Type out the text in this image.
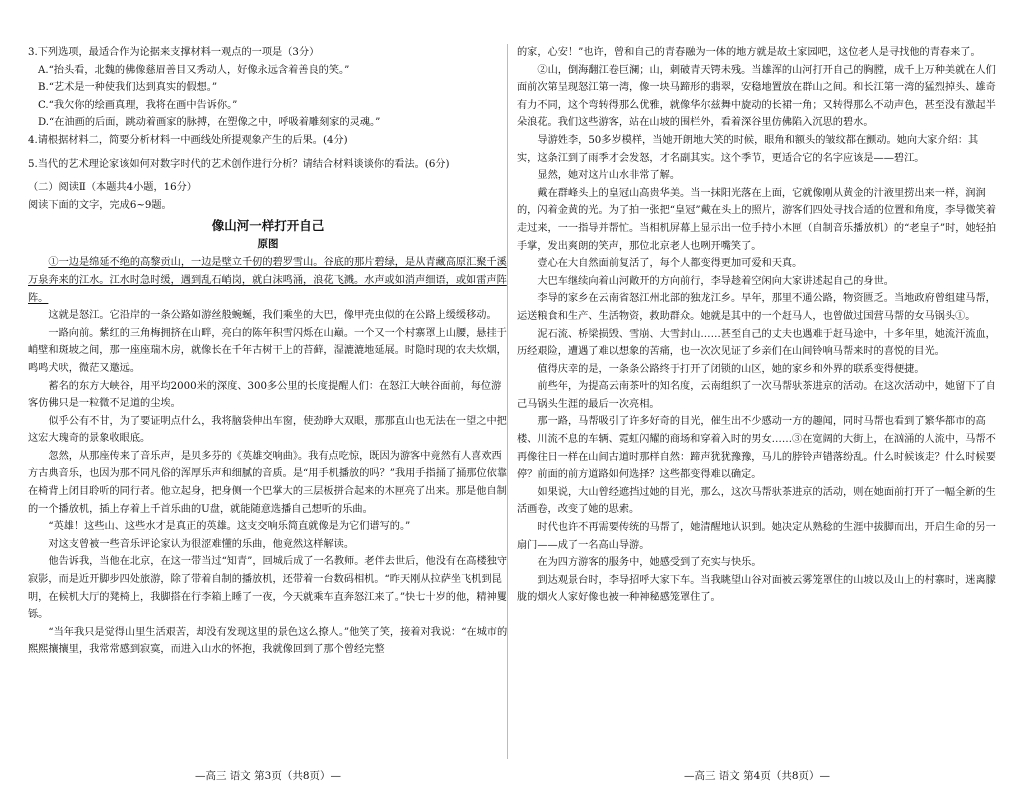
3.下列选项，最适合作为论据来支撑材料一观点的一项是（3分）

A.“抬头看，北魏的佛像慈眉善目又秀动人，好像永远含着善良的笑。”

B.“艺术是一种使我们达到真实的假想。”

C.“我欠你的绘画真理，我将在画中告诉你。”

D.“在油画的后面，跳动着画家的脉搏，在塑像之中，呼吸着雕刻家的灵魂。”

4.请根据材料二，简要分析材料一中画线处所提观象产生的后果。(4分)

5.当代的艺术理论家该如何对数字时代的艺术创作进行分析？请结合材料谈谈你的看法。(6分)

（二）阅读Ⅱ（本题共4小题，16分）

阅读下面的文字，完成6~9题。

像山河一样打开自己

原图

①一边是绵延不绝的高黎贡山，一边是壁立千仞的碧罗雪山。谷底的那片碧绿，是从青藏高原汇聚千溪万泉奔来的江水。江水时急时缓，遇到乱石峭岗，就白沫鸣涌，浪花飞溅。水声或如消声细语，或如雷声阵阵。

这就是怒江。它沿岸的一条公路如游丝般蜿蜒，我们乘坐的大巴，像甲壳虫似的在公路上缓缓移动。

一路向前。紫红的三角梅拥挤在山畔，亮白的陈年积雪闪烁在山巅。一个又一个村寨罩上山腰，悬挂于峭壁和斑坡之间，那一座座瑞木房，就像长在千年古树干上的苔藓，湿漉漉地延展。时隐时现的农夫炊烟，鸣鸣犬吠，微茫又邀远。

蓄名的东方大峡谷，用平均2000米的深度、300多公里的长度提醒人们：在怒江大峡谷面前，每位游客仿佛只是一粒微不足道的尘埃。

似乎公有不甘，为了要证明点什么，我将脑袋伸出车窗，使劲睁大双眼，那那直山也无法在一望之中把这宏大瑰奇的景象收眼底。

忽然，从那座传来了音乐声，是贝多芬的《英雄交响曲》。我有点吃惊，既因为游客中竟然有人喜欢西方古典音乐，也因为那不同凡俗的浑厚乐声和细腻的音质。是“用手机播放的吗？”我用手指捅了捅那位依靠在椅背上闭目聆听的同行者。他立起身，把身侧一个巴掌大的三层板拼合起来的木匣亮了出来。那是他自制的一个播放机，插上存着上千首乐曲的U盘，就能随意选播自己想听的乐曲。

“英雄！这些山、这些水才是真正的英雄。这支交响乐简直就像是为它们谱写的。”

对这支曾被一些音乐评论家认为很涩难懂的乐曲，他竟然这样解读。

他告诉我，当他在北京，在这一带当过“知青”，回城后成了一名教师。老伴去世后，他没有在高楼独守寂影，而是近开脚步四处旅游，除了带着自制的播放机，还带着一台数码相机。“昨天刚从拉萨坐飞机到昆明，在候机大厅的凳椅上，我脚搭在行李箱上睡了一夜，今天就乘车直奔怒江来了。”快七十岁的他，精神矍铄。

“当年我只是觉得山里生活艰苦，却没有发现这里的景色这么撩人。”他笑了笑，接着对我说：“在城市的熙熙攘攘里，我常常感到寂寞，而进入山水的怀抱，我就像回到了那个曾经完整

的家，心安！”也许，曾和自己的青春融为一体的地方就是故土家园吧，这位老人是寻找他的青春来了。

②山，倒海翻江卷巨澜；山，刺破青天锷未残。当雄浑的山河打开自己的胸膛，成千上万种美就在人们面前次第呈现怒江第一湾，像一块马蹄形的翡翠，安稳地置放在群山之间。和长江第一湾的猛烈掉头、雄奇有力不同，这个弯转得那么优雅，就像华尔兹舞中旋动的长裙一角；又转得那么不动声色，甚至没有激起半朵浪花。我们这些游客，站在山坡的围栏外，看着深谷里仿佛陷入沉思的碧水。

导游姓李，50多岁模样，当她开朗地大笑的时候，眼角和额头的皱纹都在颤动。她向大家介绍：其实，这条江到了雨季才会发怒，才名副其实。这个季节，更适合它的名字应该是——碧江。

显然，她对这片山水非常了解。

戴在群峰头上的皇冠山高贵华美。当一抹阳光落在上面，它就像刚从黄金的汁液里捞出来一样，润润的，闪着金黄的光。为了拍一张把“皇冠”戴在头上的照片，游客们四处寻找合适的位置和角度，李导微笑着走过来，一一指导并帮忙。当相机屏幕上显示出一位手持小木匣（自制音乐播放机）的“老皇子”时，她轻拍手掌，发出爽朗的笑声，那位北京老人也咧开嘴笑了。

壹心在大自然面前复活了，每个人都变得更加可爱和天真。

大巴车继续向着山河敞开的方向前行，李导趁着空闲向大家讲述起自己的身世。

李导的家乡在云南省怒江州北部的独龙江乡。早年，那里不通公路，物资匮乏。当地政府曾组建马帮，运送粮食和生产、生活物资，救助群众。她就是其中的一个赶马人，也曾做过国营马帮的女马锅头①。

泥石流、桥梁损毁、雪崩、大雪封山……甚至自己的丈夫也遇难于赶马途中，十多年里，她流汗流血，历经艰险，遭遇了难以想象的苦痛，也一次次见证了乡亲们在山间铃响马帮来时的喜悦的目光。

值得庆幸的是，一条条公路终于打开了闭锁的山区，她的家乡和外界的联系变得便捷。

前些年，为提高云南茶叶的知名度，云南组织了一次马帮驮茶进京的活动。在这次活动中，她留下了自己马锅头生涯的最后一次亮相。

那一路，马帮吸引了许多好奇的目光，催生出不少感动一方的趣闻，同时马帮也看到了繁华都市的高楼、川流不息的车辆、霓虹闪耀的商场和穿着入时的男女……③在宽阔的大街上，在汹涌的人流中，马帮不再像往日一样在山间古道时那样自然：蹄声犹犹豫豫，马儿的脖铃声错落纷乱。什么时候该走？什么时候要停？前面的前方道路如何选择？这些都变得难以确定。

如果说，大山曾经遮挡过她的目光，那么，这次马帮驮茶进京的活动，则在她面前打开了一幅全新的生活画卷，改变了她的思索。

时代也许不再需要传统的马帮了，她清醒地认识到。她决定从熟稔的生涯中拔脚而出，开启生命的另一扇门——成了一名高山导游。

在为四方游客的服务中，她感受到了充实与快乐。

到达观景台时，李导招呼大家下车。当我眺望山谷对面被云雾笼罩住的山坡以及山上的村寨时，迷离朦胧的烟火人家好像也被一种神秘感笼罩住了。

—高三 语文 第3页（共8页）—	—高三 语文 第4页（共8页）—
